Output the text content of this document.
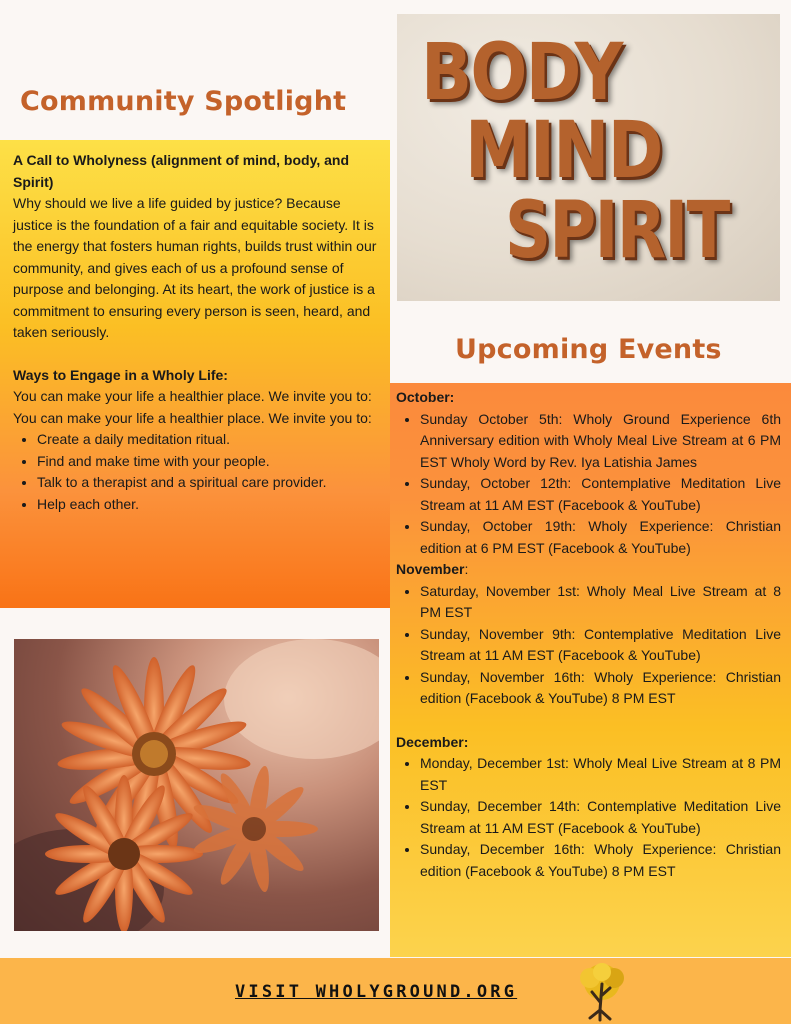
Community Spotlight

A Call to Wholyness (alignment of mind, body, and Spirit)

Why should we live a life guided by justice? Because justice is the foundation of a fair and equitable society. It is the energy that fosters human rights, builds trust within our community, and gives each of us a profound sense of purpose and belonging. At its heart, the work of justice is a commitment to ensuring every person is seen, heard, and taken seriously.

Ways to Engage in a Wholy Life:

You can make your life a healthier place. We invite you to:

You can make your life a healthier place. We invite you to:

• Create a daily meditation ritual.
• Find and make time with your people.
• Talk to a therapist and a spiritual care provider.
• Help each other.
BODY
MIND
SPIRIT
Upcoming Events

October:

• Sunday October 5th: Wholy Ground Experience 6th Anniversary edition with Wholy Meal Live Stream at 6 PM EST Wholy Word by Rev. Iya Latishia James
• Sunday, October 12th: Contemplative Meditation Live Stream at 11 AM EST (Facebook & YouTube)
• Sunday, October 19th: Wholy Experience: Christian edition at 6 PM EST (Facebook & YouTube)

November:

• Saturday, November 1st: Wholy Meal Live Stream at 8 PM EST
• Sunday, November 9th: Contemplative Meditation Live Stream at 11 AM EST (Facebook & YouTube)
• Sunday, November 16th: Wholy Experience: Christian edition (Facebook & YouTube) 8 PM EST

December:

• Monday, December 1st: Wholy Meal Live Stream at 8 PM EST
• Sunday, December 14th: Contemplative Meditation Live Stream at 11 AM EST (Facebook & YouTube)
• Sunday, December 16th: Wholy Experience: Christian edition (Facebook & YouTube) 8 PM EST
VISIT WHOLYGROUND.ORG
